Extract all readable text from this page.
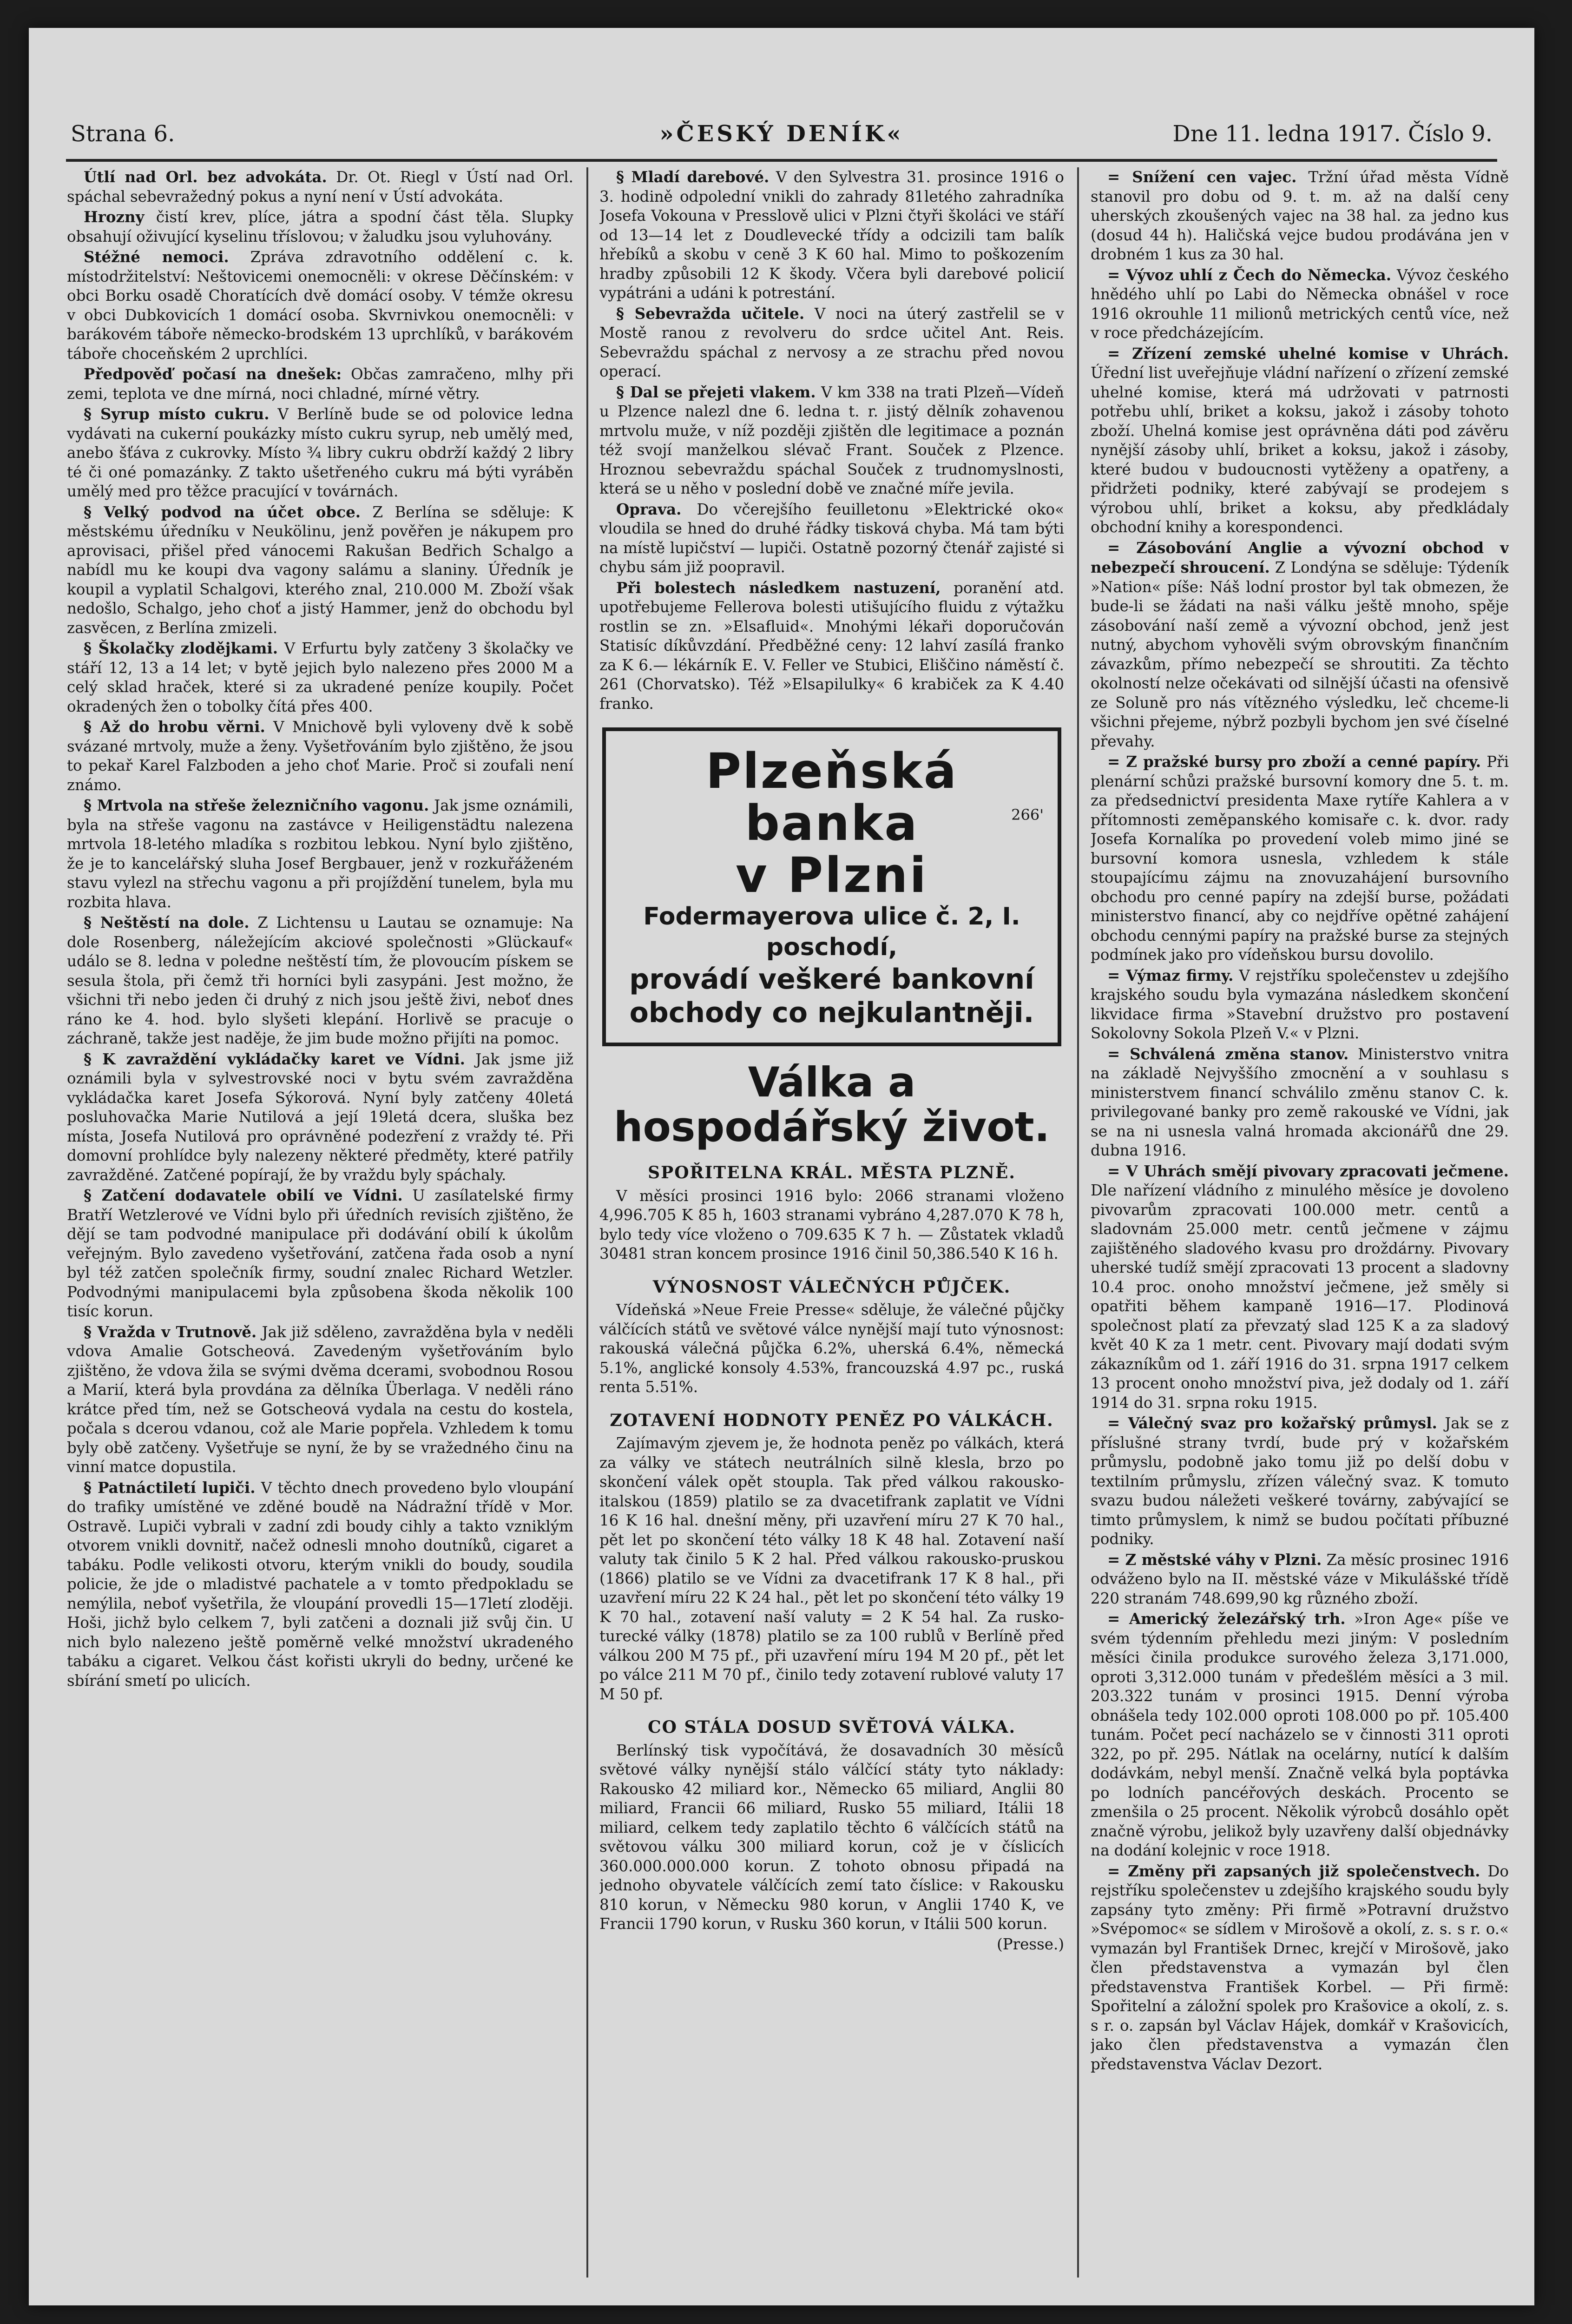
Strana 6.	»ČESKÝ DENÍK«	Dne 11. ledna 1917. Číslo 9.

Útlí nad Orl. bez advokáta. Dr. Ot. Riegl v Ústí nad Orl. spáchal sebevražedný pokus a nyní není v Ústí advokáta.

Hrozny čistí krev, plíce, játra a spodní část těla. Slupky obsahují oživující kyselinu tříslovou; v žaludku jsou vyluhovány.

Stéžné nemoci. Zpráva zdravotního oddělení c. k. místodržitelství: Neštovicemi onemocněli: v okrese Děčínském: v obci Borku osadě Choratících dvě domácí osoby. V témže okresu v obci Dubkovicích 1 domácí osoba. Skvrnivkou onemocněli: v barákovém táboře německo-brodském 13 uprchlíků, v barákovém táboře choceňském 2 uprchlíci.

Předpověď počasí na dnešek: Občas zamračeno, mlhy při zemi, teplota ve dne mírná, noci chladné, mírné větry.

§ Syrup místo cukru. V Berlíně bude se od polovice ledna vydávati na cukerní poukázky místo cukru syrup, neb umělý med, anebo šťáva z cukrovky. Místo ¾ libry cukru obdrží každý 2 libry té či oné pomazánky. Z takto ušetřeného cukru má býti vyráběn umělý med pro těžce pracující v továrnách.

§ Velký podvod na účet obce. Z Berlína se sděluje: K městskému úředníku v Neukölinu, jenž pověřen je nákupem pro aprovisaci, přišel před vánocemi Rakušan Bedřich Schalgo a nabídl mu ke koupi dva vagony salámu a slaniny. Úředník je koupil a vyplatil Schalgovi, kterého znal, 210.000 M. Zboží však nedošlo, Schalgo, jeho choť a jistý Hammer, jenž do obchodu byl zasvěcen, z Berlína zmizeli.

§ Školačky zlodějkami. V Erfurtu byly zatčeny 3 školačky ve stáří 12, 13 a 14 let; v bytě jejich bylo nalezeno přes 2000 M a celý sklad hraček, které si za ukradené peníze koupily. Počet okradených žen o tobolky čítá přes 400.

§ Až do hrobu věrni. V Mnichově byli vyloveny dvě k sobě svázané mrtvoly, muže a ženy. Vyšetřováním bylo zjištěno, že jsou to pekař Karel Falzboden a jeho choť Marie. Proč si zoufali není známo.

§ Mrtvola na střeše železničního vagonu. Jak jsme oznámili, byla na střeše vagonu na zastávce v Heiligenstädtu nalezena mrtvola 18-letého mladíka s rozbitou lebkou. Nyní bylo zjištěno, že je to kancelářský sluha Josef Bergbauer, jenž v rozkuřáženém stavu vylezl na střechu vagonu a při projíždění tunelem, byla mu rozbita hlava.

§ Neštěstí na dole. Z Lichtensu u Lautau se oznamuje: Na dole Rosenberg, náležejícím akciové společnosti »Glückauf« událo se 8. ledna v poledne neštěstí tím, že plovoucím pískem se sesula štola, při čemž tři horníci byli zasypáni. Jest možno, že všichni tři nebo jeden či druhý z nich jsou ještě živi, neboť dnes ráno ke 4. hod. bylo slyšeti klepání. Horlivě se pracuje o záchraně, takže jest naděje, že jim bude možno přijíti na pomoc.

§ K zavraždění vykládačky karet ve Vídni. Jak jsme již oznámili byla v sylvestrovské noci v bytu svém zavražděna vykládačka karet Josefa Sýkorová. Nyní byly zatčeny 40letá posluhovačka Marie Nutilová a její 19letá dcera, sluška bez místa, Josefa Nutilová pro oprávněné podezření z vraždy té. Při domovní prohlídce byly nalezeny některé předměty, které patřily zavražděné. Zatčené popírají, že by vraždu byly spáchaly.

§ Zatčení dodavatele obilí ve Vídni. U zasílatelské firmy Bratří Wetzlerové ve Vídni bylo při úředních revisích zjištěno, že dějí se tam podvodné manipulace při dodávání obilí k úkolům veřejným. Bylo zavedeno vyšetřování, zatčena řada osob a nyní byl též zatčen společník firmy, soudní znalec Richard Wetzler. Podvodnými manipulacemi byla způsobena škoda několik 100 tisíc korun.

§ Vražda v Trutnově. Jak již sděleno, zavražděna byla v neděli vdova Amalie Gotscheová. Zavedeným vyšetřováním bylo zjištěno, že vdova žila se svými dvěma dcerami, svobodnou Rosou a Marií, která byla provdána za dělníka Überlaga. V neděli ráno krátce před tím, než se Gotscheová vydala na cestu do kostela, počala s dcerou vdanou, což ale Marie popřela. Vzhledem k tomu byly obě zatčeny. Vyšetřuje se nyní, že by se vražedného činu na vinní matce dopustila.

§ Patnáctiletí lupiči. V těchto dnech provedeno bylo vloupání do trafiky umístěné ve zděné boudě na Nádražní třídě v Mor. Ostravě. Lupiči vybrali v zadní zdi boudy cihly a takto vzniklým otvorem vnikli dovnitř, načež odnesli mnoho doutníků, cigaret a tabáku. Podle velikosti otvoru, kterým vnikli do boudy, soudila policie, že jde o mladistvé pachatele a v tomto předpokladu se nemýlila, neboť vyšetřila, že vloupání provedli 15—17letí zloději. Hoši, jichž bylo celkem 7, byli zatčeni a doznali již svůj čin. U nich bylo nalezeno ještě poměrně velké množství ukradeného tabáku a cigaret. Velkou část kořisti ukryli do bedny, určené ke sbírání smetí po ulicích.

§ Mladí darebové. V den Sylvestra 31. prosince 1916 o 3. hodině odpolední vnikli do zahrady 81letého zahradníka Josefa Vokouna v Presslově ulici v Plzni čtyři školáci ve stáří od 13—14 let z Doudlevecké třídy a odcizili tam balík hřebíků a skobu v ceně 3 K 60 hal. Mimo to poškozením hradby způsobili 12 K škody. Včera byli darebové policií vypátráni a udáni k potrestání.

§ Sebevražda učitele. V noci na úterý zastřelil se v Mostě ranou z revolveru do srdce učitel Ant. Reis. Sebevraždu spáchal z nervosy a ze strachu před novou operací.

§ Dal se přejeti vlakem. V km 338 na trati Plzeň—Vídeň u Plzence nalezl dne 6. ledna t. r. jistý dělník zohavenou mrtvolu muže, v níž později zjištěn dle legitimace a poznán též svojí manželkou slévač Frant. Souček z Plzence. Hroznou sebevraždu spáchal Souček z trudnomyslnosti, která se u něho v poslední době ve značné míře jevila.

Oprava. Do včerejšího feuilletonu »Elektrické oko« vloudila se hned do druhé řádky tisková chyba. Má tam býti na místě lupičství — lupiči. Ostatně pozorný čtenář zajisté si chybu sám již poopravil.

Při bolestech následkem nastuzení, poranění atd. upotřebujeme Fellerova bolesti utišujícího fluidu z výtažku rostlin se zn. »Elsafluid«. Mnohými lékaři doporučován Statisíc díkůvzdání. Předběžné ceny: 12 lahví zasílá franko za K 6.— lékárník E. V. Feller ve Stubici, Eliščino náměstí č. 261 (Chorvatsko). Též »Elsapilulky« 6 krabiček za K 4.40 franko.

Plzeňská banka
v Plzni
266'
Fodermayerova ulice č. 2, I. poschodí,
provádí veškeré bankovní
obchody co nejkulantněji.
Válka a hospodářský život.
SPOŘITELNA KRÁL. MĚSTA PLZNĚ.

V měsíci prosinci 1916 bylo: 2066 stranami vloženo 4,996.705 K 85 h, 1603 stranami vybráno 4,287.070 K 78 h, bylo tedy více vloženo o 709.635 K 7 h. — Zůstatek vkladů 30481 stran koncem prosince 1916 činil 50,386.540 K 16 h.

VÝNOSNOST VÁLEČNÝCH PŮJČEK.

Vídeňská »Neue Freie Presse« sděluje, že válečné půjčky válčících států ve světové válce nynější mají tuto výnosnost: rakouská válečná půjčka 6.2%, uherská 6.4%, německá 5.1%, anglické konsoly 4.53%, francouzská 4.97 pc., ruská renta 5.51%.

ZOTAVENÍ HODNOTY PENĚZ PO VÁLKÁCH.

Zajímavým zjevem je, že hodnota peněz po válkách, která za války ve státech neutrálních silně klesla, brzo po skončení válek opět stoupla. Tak před válkou rakousko-italskou (1859) platilo se za dvacetifrank zaplatit ve Vídni 16 K 16 hal. dnešní měny, při uzavření míru 27 K 70 hal., pět let po skončení této války 18 K 48 hal. Zotavení naší valuty tak činilo 5 K 2 hal. Před válkou rakousko-pruskou (1866) platilo se ve Vídni za dvacetifrank 17 K 8 hal., při uzavření míru 22 K 24 hal., pět let po skončení této války 19 K 70 hal., zotavení naší valuty = 2 K 54 hal. Za rusko-turecké války (1878) platilo se za 100 rublů v Berlíně před válkou 200 M 75 pf., při uzavření míru 194 M 20 pf., pět let po válce 211 M 70 pf., činilo tedy zotavení rublové valuty 17 M 50 pf.

CO STÁLA DOSUD SVĚTOVÁ VÁLKA.

Berlínský tisk vypočítává, že dosavadních 30 měsíců světové války nynější stálo válčící státy tyto náklady: Rakousko 42 miliard kor., Německo 65 miliard, Anglii 80 miliard, Francii 66 miliard, Rusko 55 miliard, Itálii 18 miliard, celkem tedy zaplatilo těchto 6 válčících států na světovou válku 300 miliard korun, což je v číslicích 360.000.000.000 korun. Z tohoto obnosu připadá na jednoho obyvatele válčících zemí tato číslice: v Rakousku 810 korun, v Německu 980 korun, v Anglii 1740 K, ve Francii 1790 korun, v Rusku 360 korun, v Itálii 500 korun.

(Presse.)

= Snížení cen vajec. Tržní úřad města Vídně stanovil pro dobu od 9. t. m. až na další ceny uherských zkoušených vajec na 38 hal. za jedno kus (dosud 44 h). Haličská vejce budou prodávána jen v drobném 1 kus za 30 hal.

= Vývoz uhlí z Čech do Německa. Vývoz českého hnědého uhlí po Labi do Německa obnášel v roce 1916 okrouhle 11 milionů metrických centů více, než v roce předcházejícím.

= Zřízení zemské uhelné komise v Uhrách. Úřední list uveřejňuje vládní nařízení o zřízení zemské uhelné komise, která má udržovati v patrnosti potřebu uhlí, briket a koksu, jakož i zásoby tohoto zboží. Uhelná komise jest oprávněna dáti pod závěru nynější zásoby uhlí, briket a koksu, jakož i zásoby, které budou v budoucnosti vytěženy a opatřeny, a přidržeti podniky, které zabývají se prodejem s výrobou uhlí, briket a koksu, aby předkládaly obchodní knihy a korespondenci.

= Zásobování Anglie a vývozní obchod v nebezpečí shroucení. Z Londýna se sděluje: Týdeník »Nation« píše: Náš lodní prostor byl tak obmezen, že bude-li se žádati na naši válku ještě mnoho, spěje zásobování naší země a vývozní obchod, jenž jest nutný, abychom vyhověli svým obrovským finančním závazkům, přímo nebezpečí se shroutiti. Za těchto okolností nelze očekávati od silnější účasti na ofensivě ze Soluně pro nás vítězného výsledku, leč chceme-li všichni přejeme, nýbrž pozbyli bychom jen své číselné převahy.

= Z pražské bursy pro zboží a cenné papíry. Při plenární schůzi pražské bursovní komory dne 5. t. m. za předsednictví presidenta Maxe rytíře Kahlera a v přítomnosti zeměpanského komisaře c. k. dvor. rady Josefa Kornalíka po provedení voleb mimo jiné se bursovní komora usnesla, vzhledem k stále stoupajícímu zájmu na znovuzahájení bursovního obchodu pro cenné papíry na zdejší burse, požádati ministerstvo financí, aby co nejdříve opětné zahájení obchodu cennými papíry na pražské burse za stejných podmínek jako pro vídeňskou bursu dovolilo.

= Výmaz firmy. V rejstříku společenstev u zdejšího krajského soudu byla vymazána následkem skončení likvidace firma »Stavební družstvo pro postavení Sokolovny Sokola Plzeň V.« v Plzni.

= Schválená změna stanov. Ministerstvo vnitra na základě Nejvyššího zmocnění a v souhlasu s ministerstvem financí schválilo změnu stanov C. k. privilegované banky pro země rakouské ve Vídni, jak se na ni usnesla valná hromada akcionářů dne 29. dubna 1916.

= V Uhrách smějí pivovary zpracovati ječmene. Dle nařízení vládního z minulého měsíce je dovoleno pivovarům zpracovati 100.000 metr. centů a sladovnám 25.000 metr. centů ječmene v zájmu zajištěného sladového kvasu pro droždárny. Pivovary uherské tudíž smějí zpracovati 13 procent a sladovny 10.4 proc. onoho množství ječmene, jež směly si opatřiti během kampaně 1916—17. Plodinová společnost platí za převzatý slad 125 K a za sladový květ 40 K za 1 metr. cent. Pivovary mají dodati svým zákazníkům od 1. září 1916 do 31. srpna 1917 celkem 13 procent onoho množství piva, jež dodaly od 1. září 1914 do 31. srpna roku 1915.

= Válečný svaz pro kožařský průmysl. Jak se z příslušné strany tvrdí, bude prý v kožařském průmyslu, podobně jako tomu již po delší dobu v textilním průmyslu, zřízen válečný svaz. K tomuto svazu budou náležeti veškeré továrny, zabývající se timto průmyslem, k nimž se budou počítati příbuzné podniky.

= Z městské váhy v Plzni. Za měsíc prosinec 1916 odváženo bylo na II. městské váze v Mikulášské třídě 220 stranám 748.699,90 kg různého zboží.

= Americký železářský trh. »Iron Age« píše ve svém týdenním přehledu mezi jiným: V posledním měsíci činila produkce surového železa 3,171.000, oproti 3,312.000 tunám v předešlém měsíci a 3 mil. 203.322 tunám v prosinci 1915. Denní výroba obnášela tedy 102.000 oproti 108.000 po př. 105.400 tunám. Počet pecí nacházelo se v činnosti 311 oproti 322, po př. 295. Nátlak na ocelárny, nutící k dalším dodávkám, nebyl menší. Značně velká byla poptávka po lodních pancéřových deskách. Procento se zmenšila o 25 procent. Několik výrobců dosáhlo opět značně výrobu, jelikož byly uzavřeny další objednávky na dodání kolejnic v roce 1918.

= Změny při zapsaných již společenstvech. Do rejstříku společenstev u zdejšího krajského soudu byly zapsány tyto změny: Při firmě »Potravní družstvo »Svépomoc« se sídlem v Mirošově a okolí, z. s. s r. o.« vymazán byl František Drnec, krejčí v Mirošově, jako člen představenstva a vymazán byl člen představenstva František Korbel. — Při firmě: Spořitelní a záložní spolek pro Krašovice a okolí, z. s. s r. o. zapsán byl Václav Hájek, domkář v Krašovicích, jako člen představenstva a vymazán člen představenstva Václav Dezort.
